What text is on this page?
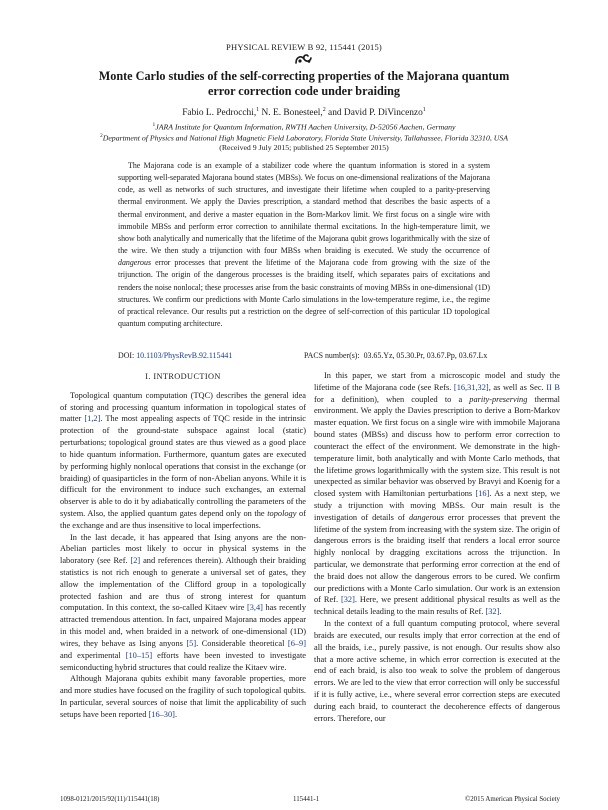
PHYSICAL REVIEW B 92, 115441 (2015)
Monte Carlo studies of the self-correcting properties of the Majorana quantum
error correction code under braiding
Fabio L. Pedrocchi,$^1$ N. E. Bonesteel,$^2$ and David P. DiVincenzo$^1$
$^1$JARA Institute for Quantum Information, RWTH Aachen University, D-52056 Aachen, Germany
$^2$Department of Physics and National High Magnetic Field Laboratory, Florida State University, Tallahassee, Florida 32310, USA
(Received 9 July 2015; published 25 September 2015)

The Majorana code is an example of a stabilizer code where the quantum information is stored in a system supporting well-separated Majorana bound states (MBSs). We focus on one-dimensional realizations of the Majorana code, as well as networks of such structures, and investigate their lifetime when coupled to a parity-preserving thermal environment. We apply the Davies prescription, a standard method that describes the basic aspects of a thermal environment, and derive a master equation in the Born-Markov limit. We first focus on a single wire with immobile MBSs and perform error correction to annihilate thermal excitations. In the high-temperature limit, we show both analytically and numerically that the lifetime of the Majorana qubit grows logarithmically with the size of the wire. We then study a trijunction with four MBSs when braiding is executed. We study the occurrence of dangerous error processes that prevent the lifetime of the Majorana code from growing with the size of the trijunction. The origin of the dangerous processes is the braiding itself, which separates pairs of excitations and renders the noise nonlocal; these processes arise from the basic constraints of moving MBSs in one-dimensional (1D) structures. We confirm our predictions with Monte Carlo simulations in the low-temperature regime, i.e., the regime of practical relevance. Our results put a restriction on the degree of self-correction of this particular 1D topological quantum computing architecture.

DOI: 10.1103/PhysRevB.92.115441	PACS number(s): 03.65.Yz, 05.30.Pr, 03.67.Pp, 03.67.Lx
I. INTRODUCTION

Topological quantum computation (TQC) describes the general idea of storing and processing quantum information in topological states of matter [1,2]. The most appealing aspects of TQC reside in the intrinsic protection of the ground-state subspace against local (static) perturbations; topological ground states are thus viewed as a good place to hide quantum information. Furthermore, quantum gates are executed by performing highly nonlocal operations that consist in the exchange (or braiding) of quasiparticles in the form of non-Abelian anyons. While it is difficult for the environment to induce such exchanges, an external observer is able to do it by adiabatically controlling the parameters of the system. Also, the applied quantum gates depend only on the topology of the exchange and are thus insensitive to local imperfections.

In the last decade, it has appeared that Ising anyons are the non-Abelian particles most likely to occur in physical systems in the laboratory (see Ref. [2] and references therein). Although their braiding statistics is not rich enough to generate a universal set of gates, they allow the implementation of the Clifford group in a topologically protected fashion and are thus of strong interest for quantum computation. In this context, the so-called Kitaev wire [3,4] has recently attracted tremendous attention. In fact, unpaired Majorana modes appear in this model and, when braided in a network of one-dimensional (1D) wires, they behave as Ising anyons [5]. Considerable theoretical [6–9] and experimental [10–15] efforts have been invested to investigate semiconducting hybrid structures that could realize the Kitaev wire.

Although Majorana qubits exhibit many favorable properties, more and more studies have focused on the fragility of such topological qubits. In particular, several sources of noise that limit the applicability of such setups have been reported [16–30].

In this paper, we start from a microscopic model and study the lifetime of the Majorana code (see Refs. [16,31,32], as well as Sec. II B for a definition), when coupled to a parity-preserving thermal environment. We apply the Davies prescription to derive a Born-Markov master equation. We first focus on a single wire with immobile Majorana bound states (MBSs) and discuss how to perform error correction to counteract the effect of the environment. We demonstrate in the high-temperature limit, both analytically and with Monte Carlo methods, that the lifetime grows logarithmically with the system size. This result is not unexpected as similar behavior was observed by Bravyi and Koenig for a closed system with Hamiltonian perturbations [16]. As a next step, we study a trijunction with moving MBSs. Our main result is the investigation of details of dangerous error processes that prevent the lifetime of the system from increasing with the system size. The origin of dangerous errors is the braiding itself that renders a local error source highly nonlocal by dragging excitations across the trijunction. In particular, we demonstrate that performing error correction at the end of the braid does not allow the dangerous errors to be cured. We confirm our predictions with a Monte Carlo simulation. Our work is an extension of Ref. [32]. Here, we present additional physical results as well as the technical details leading to the main results of Ref. [32].

In the context of a full quantum computing protocol, where several braids are executed, our results imply that error correction at the end of all the braids, i.e., purely passive, is not enough. Our results show also that a more active scheme, in which error correction is executed at the end of each braid, is also too weak to solve the problem of dangerous errors. We are led to the view that error correction will only be successful if it is fully active, i.e., where several error correction steps are executed during each braid, to counteract the decoherence effects of dangerous errors. Therefore, our

1098-0121/2015/92(11)/115441(18)	115441-1	©2015 American Physical Society
